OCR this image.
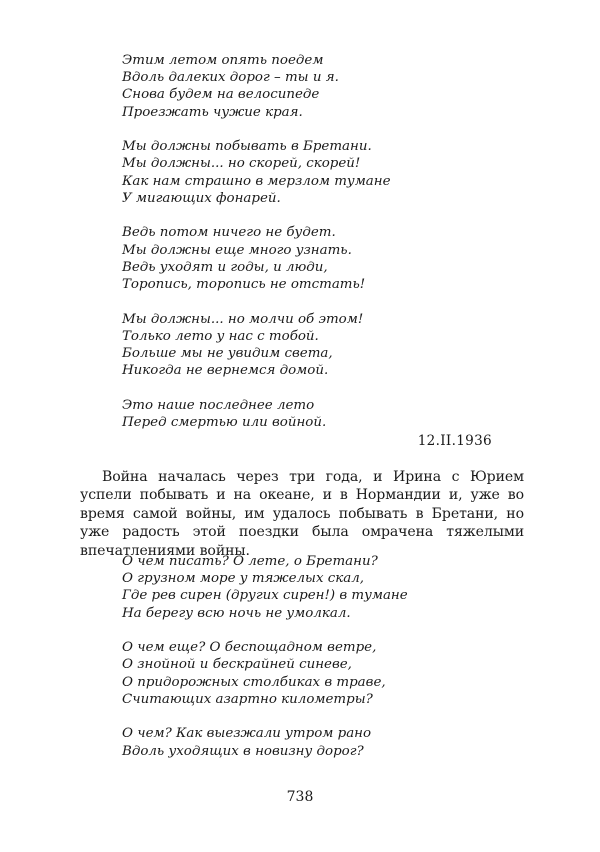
Этим летом опять поедем
Вдоль далеких дорог – ты и я.
Снова будем на велосипеде
Проезжать чужие края.
Мы должны побывать в Бретани.
Мы должны... но скорей, скорей!
Как нам страшно в мерзлом тумане
У мигающих фонарей.
Ведь потом ничего не будет.
Мы должны еще много узнать.
Ведь уходят и годы, и люди,
Торопись, торопись не отстать!
Мы должны... но молчи об этом!
Только лето у нас с тобой.
Больше мы не увидим света,
Никогда не вернемся домой.
Это наше последнее лето
Перед смертью или войной.
12.II.1936

Война началась через три года, и Ирина с Юрием успели побывать и на океане, и в Нормандии и, уже во время самой войны, им удалось побывать в Бретани, но уже радость этой поездки была омрачена тяжелыми впечатлениями войны.

О чем писать? О лете, о Бретани?
О грузном море у тяжелых скал,
Где рев сирен (других сирен!) в тумане
На берегу всю ночь не умолкал.
О чем еще? О беспощадном ветре,
О знойной и бескрайней синеве,
О придорожных столбиках в траве,
Считающих азартно километры?
О чем? Как выезжали утром рано
Вдоль уходящих в новизну дорог?
738
